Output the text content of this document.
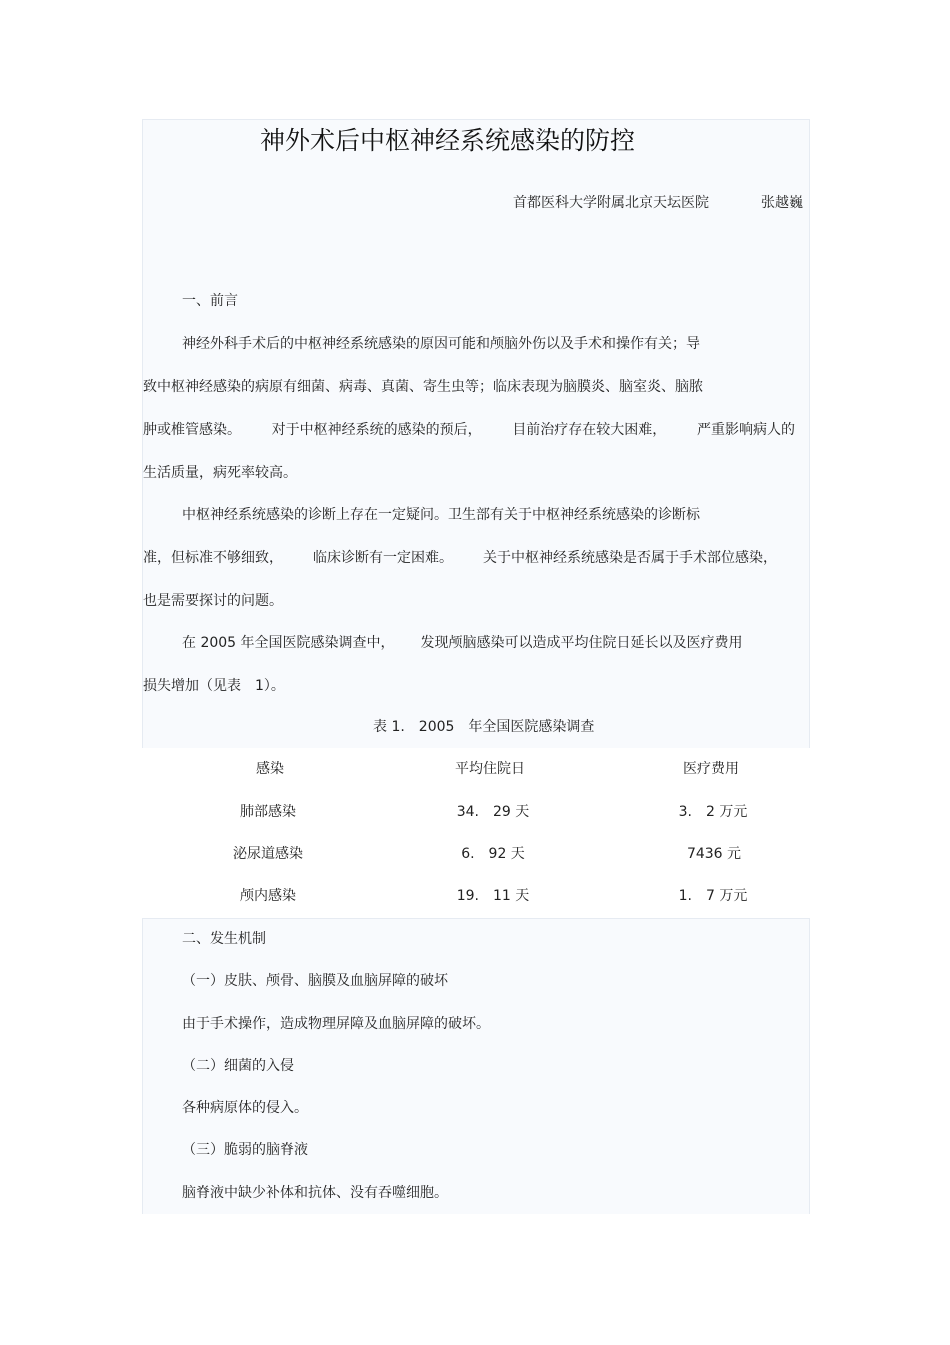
神外术后中枢神经系统感染的防控
首都医科大学附属北京天坛医院	张越巍
一、前言
神经外科手术后的中枢神经系统感染的原因可能和颅脑外伤以及手术和操作有关；导
致中枢神经感染的病原有细菌、病毒、真菌、寄生虫等；临床表现为脑膜炎、脑室炎、脑脓
肿或椎管感染。 对于中枢神经系统的感染的预后， 目前治疗存在较大困难， 严重影响病人的
生活质量，病死率较高。
中枢神经系统感染的诊断上存在一定疑问。卫生部有关于中枢神经系统感染的诊断标
准，但标准不够细致， 临床诊断有一定困难。 关于中枢神经系统感染是否属于手术部位感染，
也是需要探讨的问题。
在 2005 年全国医院感染调查中， 发现颅脑感染可以造成平均住院日延长以及医疗费用
损失增加（见表　1）。
表 1.　2005　年全国医院感染调查
感染	平均住院日	医疗费用
肺部感染	34.　29 天	3.　2 万元
泌尿道感染	6.　92 天	7436 元
颅内感染	19.　11 天	1.　7 万元
二、发生机制
（一）皮肤、颅骨、脑膜及血脑屏障的破坏
由于手术操作，造成物理屏障及血脑屏障的破坏。
（二）细菌的入侵
各种病原体的侵入。
（三）脆弱的脑脊液
脑脊液中缺少补体和抗体、没有吞噬细胞。
